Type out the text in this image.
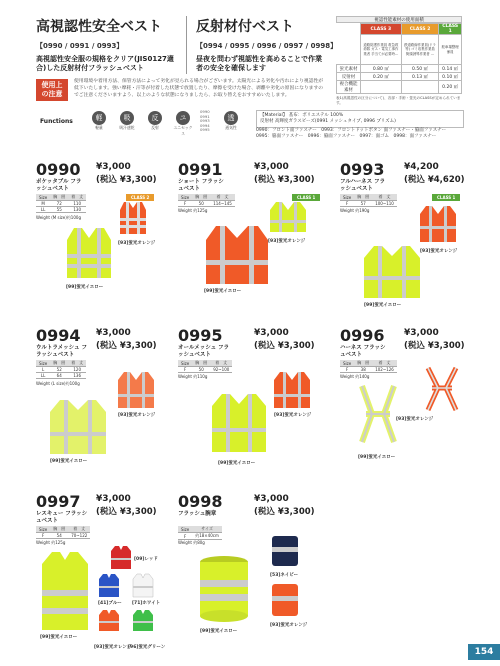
高視認性安全ベスト
【0990 / 0991 / 0993】
高視認性安全服の規格をクリア(JIS0127適合)した反射材付フラッシュベスト
反射材付ベスト
【0994 / 0995 / 0996 / 0997 / 0998】
昼夜を問わず視認性を高めることで作業者の安全を確保します
使用上の注意
使用環境や着用方法、保管方法によって劣化が見られる場合がございます。太陽光による劣化や汚れにより視認性が低下いたします。強い摩耗・汗等が付着した状態で放置したり、摩擦を受けた場合、剥離や劣化の原因になりますのでご注意くださいますよう、以上のような状態になりましたら、お取り替えをおすすめいたします。
視認性能素材の使用面積
	CLASS 3	CLASS 2	CLASS 1
	道路防護作業員 救急救命隊 ガス・電気工事作業者 手当てが必要時…	鉄道路線作業員(ドラ等) ゴミ収集作業員 街頭誘導作業者 …	駐車場整理係員
蛍光素材	0.80 ㎡	0.50 ㎡	0.14 ㎡
反射材	0.20 ㎡	0.13 ㎡	0.10 ㎡
複合機能素材			0.20 ㎡
表1(高視認性の区分について)、各部・手術・蛍光のCLASSが定められています。
Functions	軽
軽量
吸
吸汗速乾
反
反射
ユ
ユニセックス
0990
0991
0993
0994
0995
透
通気性
【Material】 基布：ポリエステル 100%
反射材 高輝度ガラスビーズ(0991 メッシュタイプ, 0996 プリズム)
0990：フロント面ファスナー　0993：フロントドットボタン 面ファスナー・脇面ファスナー
0995：脇面ファスナー　0996：脇面ファスナー　0997：面ゴム　0998：面ファスナー
0990
ポケッタブル フラッシュベスト
¥3,000
(税込 ¥3,300)
Size	胸　囲	着　丈
M	72	110
LL	55	130
Weight (M size)約100g
CLASS 2
[93]蛍光オレンジ
[99]蛍光イエロー
0991
ショート フラッシュベスト
¥3,000
(税込 ¥3,300)
Size	胸　囲	着　丈
F	50	114~145
Weight 約125g
CLASS 1
[93]蛍光オレンジ
[99]蛍光イエロー
0993
フルハーネス フラッシュベスト
¥4,200
(税込 ¥4,620)
Size	胸　囲	着　丈
F	57	100~110
Weight 約190g
CLASS 1
[93]蛍光オレンジ
[99]蛍光イエロー
0994
ウルトラメッシュ フラッシュベスト
¥3,000
(税込 ¥3,300)
Size	胸　囲	着　丈
L	52	120
LL	64	136
Weight (L size)約100g
[93]蛍光オレンジ
[99]蛍光イエロー
0995
オールメッシュ フラッシュベスト
¥3,000
(税込 ¥3,300)
Size	胸　囲	着　丈
F	50	92~100
Weight 約110g
[93]蛍光オレンジ
[99]蛍光イエロー
0996
ハーネス フラッシュベスト
¥3,000
(税込 ¥3,300)
Size	胸　囲	着　丈
F	38	102~126
Weight 約140g
[93]蛍光オレンジ
[99]蛍光イエロー
0997
レスキュー フラッシュベスト
¥3,000
(税込 ¥3,300)
Size	胸　囲	着　丈
F	54	70~122
Weight 約125g
[09]レッド
[41]ブルー [71]ホワイト
[99]蛍光イエロー
[93]蛍光オレンジ
[96]蛍光グリーン
0998
フラッシュ腕章
¥3,000
(税込 ¥3,300)
Size	サイズ
F	約18×40cm
Weight 約80g
[53]ネイビー
[93]蛍光オレンジ
[99]蛍光イエロー
154
